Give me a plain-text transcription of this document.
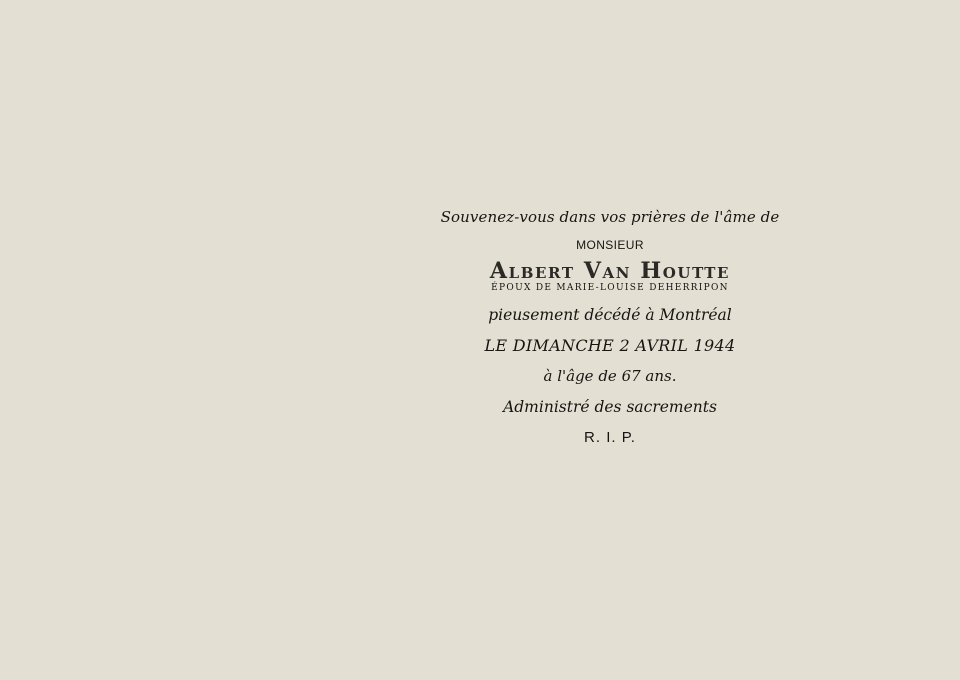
Souvenez-vous dans vos prières de l'âme de
MONSIEUR
Albert Van Houtte
ÉPOUX DE MARIE-LOUISE DEHERRIPON
pieusement décédé à Montréal
LE DIMANCHE 2 AVRIL 1944
à l'âge de 67 ans.
Administré des sacrements
R. I. P.
